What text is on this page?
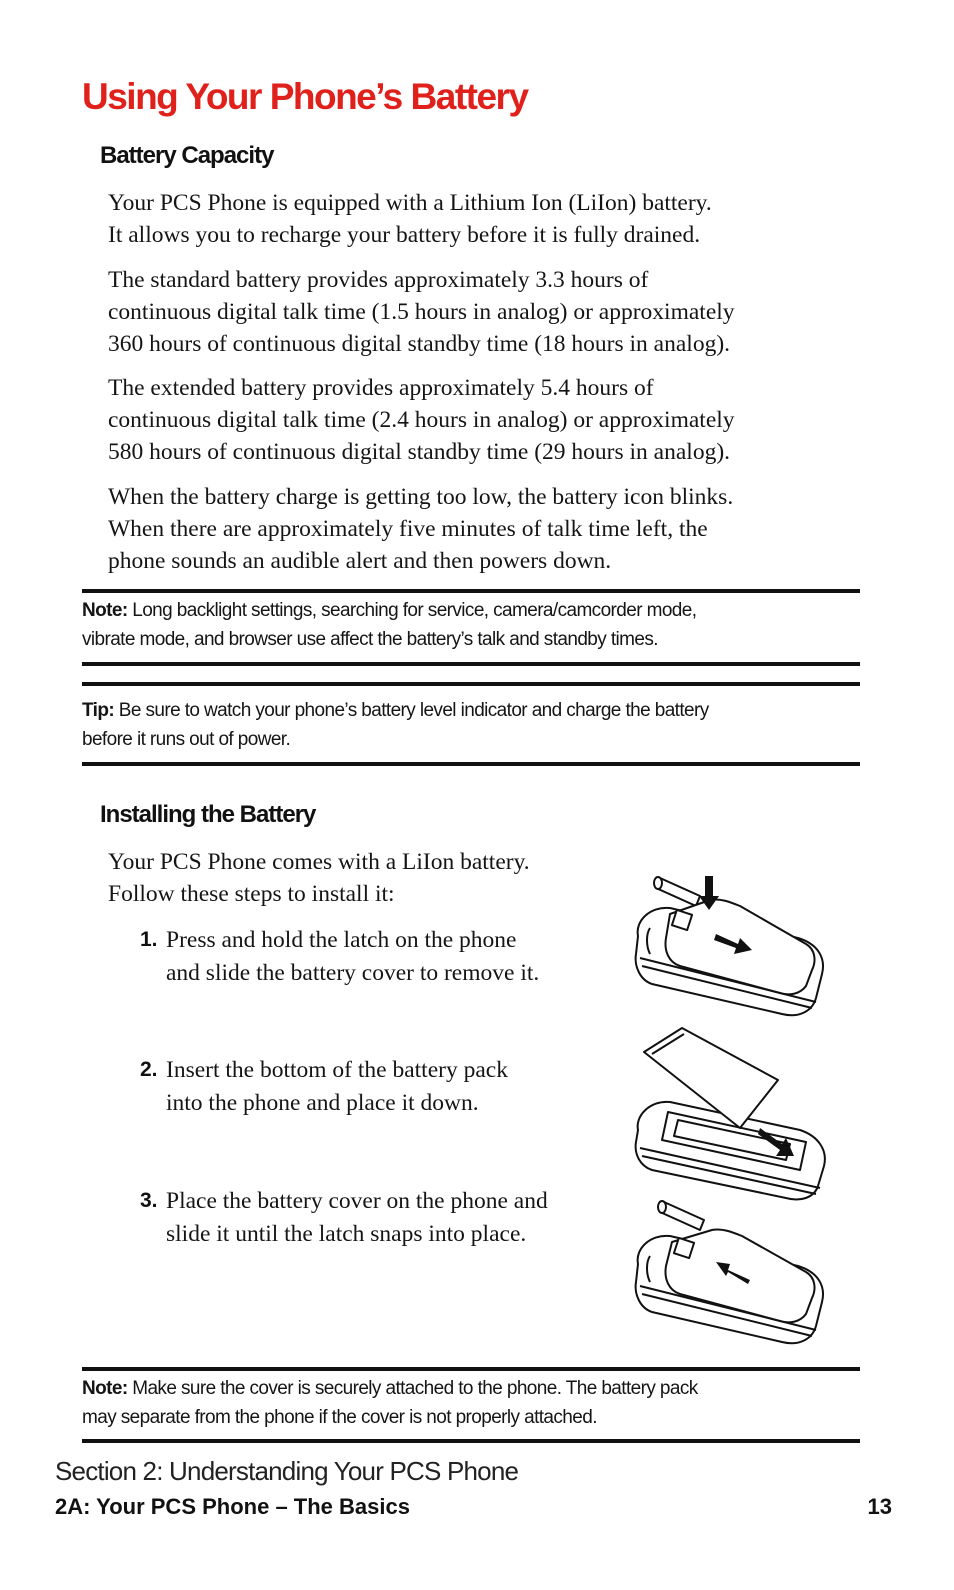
Using Your Phone’s Battery
Battery Capacity
Your PCS Phone is equipped with a Lithium Ion (LiIon) battery.
It allows you to recharge your battery before it is fully drained.
The standard battery provides approximately 3.3 hours of
continuous digital talk time (1.5 hours in analog) or approximately
360 hours of continuous digital standby time (18 hours in analog).
The extended battery provides approximately 5.4 hours of
continuous digital talk time (2.4 hours in analog) or approximately
580 hours of continuous digital standby time (29 hours in analog).
When the battery charge is getting too low, the battery icon blinks.
When there are approximately five minutes of talk time left, the
phone sounds an audible alert and then powers down.
Note: Long backlight settings, searching for service, camera/camcorder mode,
vibrate mode, and browser use affect the battery’s talk and standby times.
Tip: Be sure to watch your phone’s battery level indicator and charge the battery
before it runs out of power.
Installing the Battery
Your PCS Phone comes with a LiIon battery.
Follow these steps to install it:
1. Press and hold the latch on the phone
and slide the battery cover to remove it.
2. Insert the bottom of the battery pack
into the phone and place it down.
3. Place the battery cover on the phone and
slide it until the latch snaps into place.
Note: Make sure the cover is securely attached to the phone. The battery pack
may separate from the phone if the cover is not properly attached.
Section 2: Understanding Your PCS Phone
2A: Your PCS Phone – The Basics	13
